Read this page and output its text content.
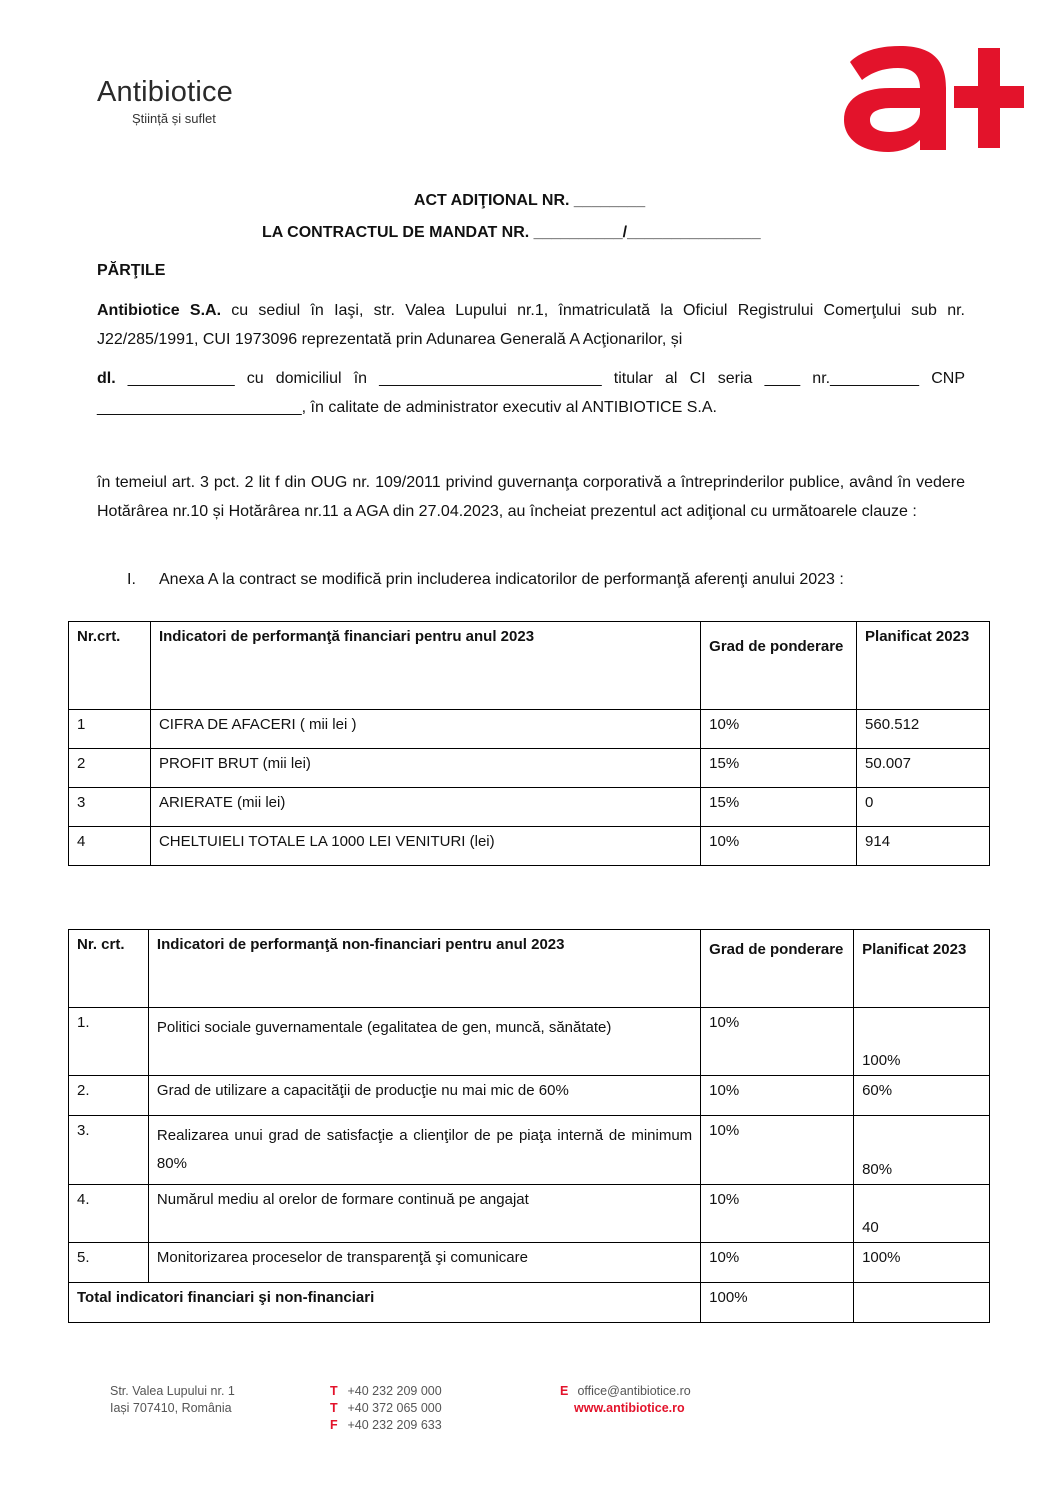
Antibiotice
Știință și suflet
ACT ADIŢIONAL NR. ________
LA CONTRACTUL DE MANDAT NR. __________/_______________
PĂRŢILE
Antibiotice S.A. cu sediul în Iaşi, str. Valea Lupului nr.1, înmatriculată la Oficiul Registrului Comerţului sub nr. J22/285/1991, CUI 1973096 reprezentată prin Adunarea Generală A Acţionarilor, și
dl. ____________ cu domiciliul în _________________________ titular al CI seria ____ nr.__________ CNP _______________________, în calitate de administrator executiv al ANTIBIOTICE S.A.
în temeiul art. 3 pct. 2 lit f din OUG nr. 109/2011 privind guvernanţa corporativă a întreprinderilor publice, având în vedere Hotărârea nr.10 și Hotărârea nr.11 a AGA din 27.04.2023, au încheiat prezentul act adiţional cu următoarele clauze :
I. Anexa A la contract se modifică prin includerea indicatorilor de performanţă aferenţi anului 2023 :
Nr.crt.	Indicatori de performanţă financiari pentru anul 2023	Grad de ponderare	Planificat 2023
1	CIFRA DE AFACERI ( mii lei )	10%	560.512
2	PROFIT BRUT (mii lei)	15%	50.007
3	ARIERATE (mii lei)	15%	0
4	CHELTUIELI TOTALE LA 1000 LEI VENITURI (lei)	10%	914
Nr. crt.	Indicatori de performanţă non-financiari pentru anul 2023	Grad de ponderare	Planificat 2023
1.	Politici sociale guvernamentale (egalitatea de gen, muncă, sănătate)	10%	100%
2.	Grad de utilizare a capacităţii de producţie nu mai mic de 60%	10%	60%
3.	Realizarea unui grad de satisfacţie a clienţilor de pe piaţa internă de minimum 80%	10%	80%
4.	Numărul mediu al orelor de formare continuă pe angajat	10%	40
5.	Monitorizarea proceselor de transparenţă şi comunicare	10%	100%
Total indicatori financiari şi non-financiari		100%	
Str. Valea Lupului nr. 1
Iași 707410, România
T +40 232 209 000
T +40 372 065 000
F +40 232 209 633
E office@antibiotice.ro
www.antibiotice.ro
